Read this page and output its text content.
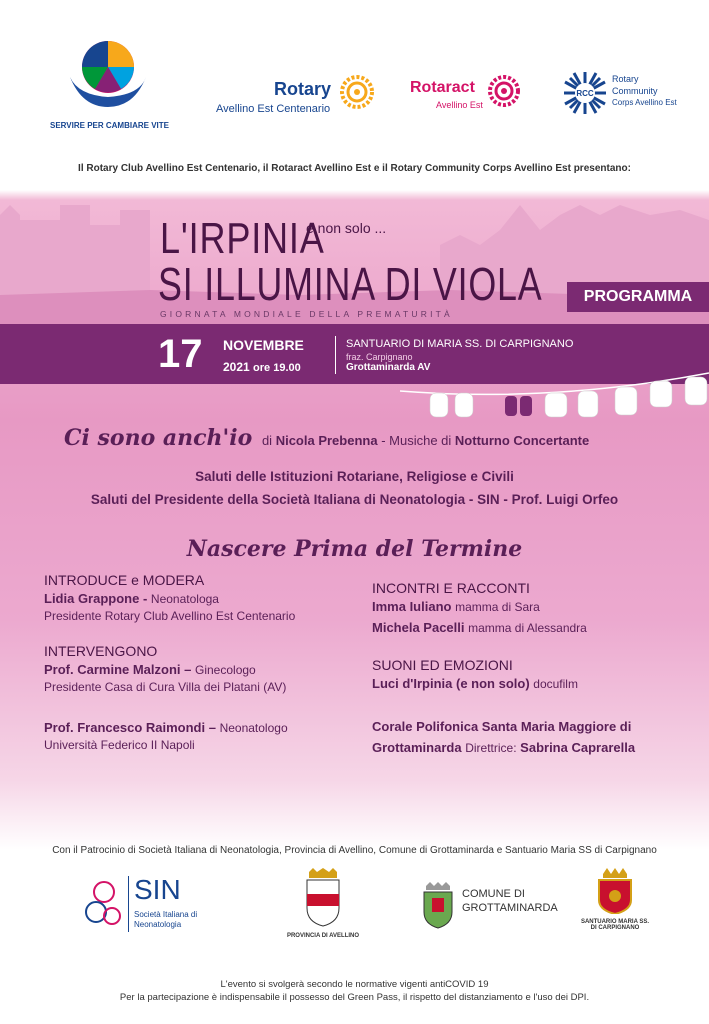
SERVIRE PER CAMBIARE VITE
Rotary
Avellino Est Centenario
Rotaract
Avellino Est
RCC
Rotary
Community
Corps Avellino Est
Il Rotary Club Avellino Est Centenario, il Rotaract Avellino Est e il Rotary Community Corps Avellino Est presentano:
L'IRPINIA
e non solo ...
SI ILLUMINA DI VIOLA
GIORNATA MONDIALE DELLA PREMATURITÀ
PROGRAMMA
17 NOVEMBRE
2021 ore 19.00
SANTUARIO DI MARIA SS. DI CARPIGNANO
fraz. Carpignano
Grottaminarda AV
Ci sono anch'io di Nicola Prebenna - Musiche di Notturno Concertante
Saluti delle Istituzioni Rotariane, Religiose e Civili
Saluti del Presidente della Società Italiana di Neonatologia - SIN - Prof. Luigi Orfeo
Nascere Prima del Termine
INTRODUCE e MODERA
Lidia Grappone - Neonatologa
Presidente Rotary Club Avellino Est Centenario
INTERVENGONO
Prof. Carmine Malzoni – Ginecologo
Presidente Casa di Cura Villa dei Platani (AV)
Prof. Francesco Raimondi – Neonatologo
Università Federico II Napoli
INCONTRI E RACCONTI
Imma Iuliano mamma di Sara
Michela Pacelli mamma di Alessandra
SUONI ED EMOZIONI
Luci d'Irpinia (e non solo) docufilm
Corale Polifonica Santa Maria Maggiore di
Grottaminarda Direttrice: Sabrina Caprarella
Con il Patrocinio di Società Italiana di Neonatologia, Provincia di Avellino, Comune di Grottaminarda e Santuario Maria SS di Carpignano
SIN
Società Italiana di
Neonatologia
PROVINCIA DI AVELLINO
COMUNE DI
GROTTAMINARDA
SANTUARIO MARIA SS.
DI CARPIGNANO
L'evento si svolgerà secondo le normative vigenti antiCOVID 19
Per la partecipazione è indispensabile il possesso del Green Pass, il rispetto del distanziamento e l'uso dei DPI.
